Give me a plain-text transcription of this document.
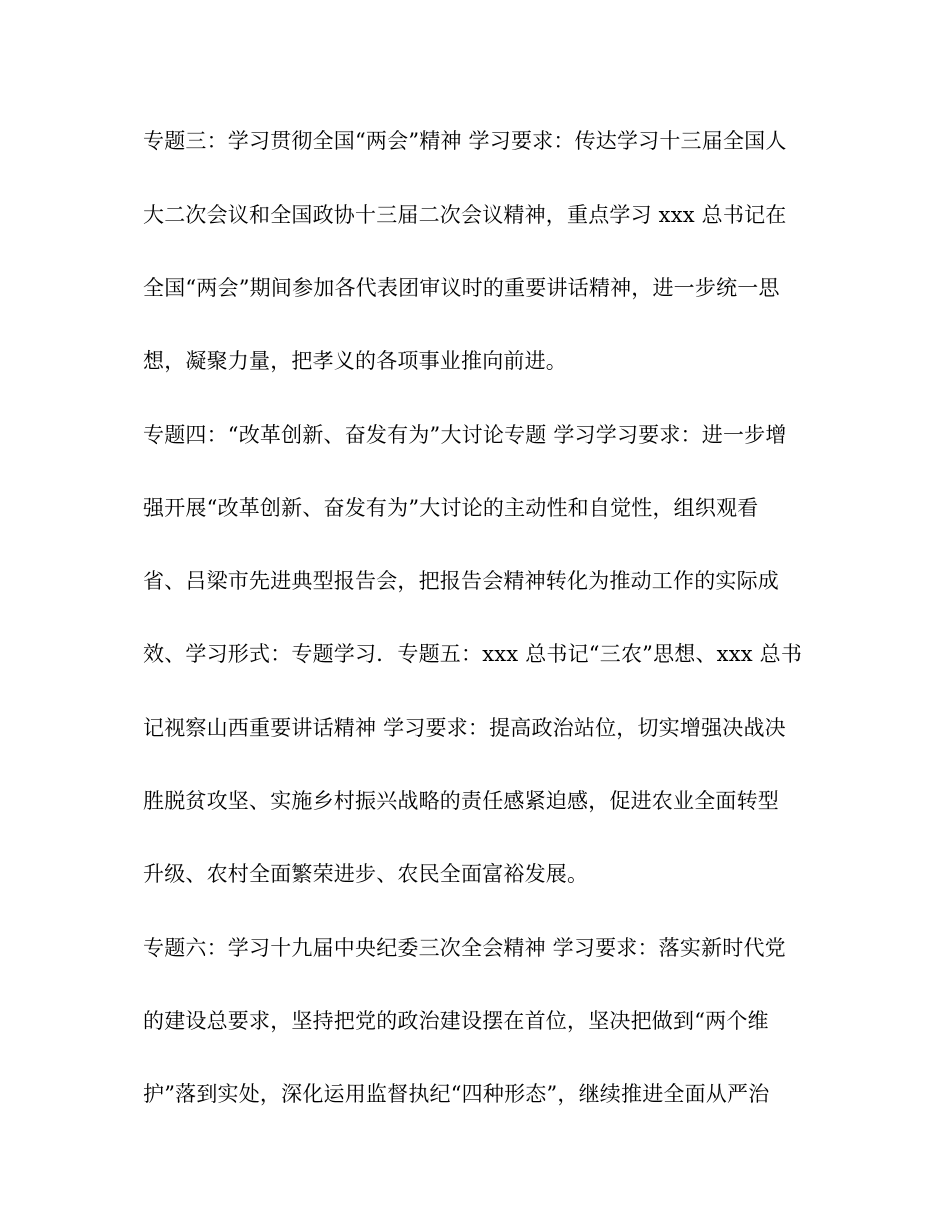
专题三：学习贯彻全国“两会”精神 学习要求：传达学习十三届全国人
大二次会议和全国政协十三届二次会议精神，重点学习 xxx 总书记在
全国“两会”期间参加各代表团审议时的重要讲话精神，进一步统一思
想，凝聚力量，把孝义的各项事业推向前进。
专题四：“改革创新、奋发有为”大讨论专题 学习学习要求：进一步增
强开展“改革创新、奋发有为”大讨论的主动性和自觉性，组织观看
省、吕梁市先进典型报告会，把报告会精神转化为推动工作的实际成
效、学习形式：专题学习．专题五：xxx 总书记“三农”思想、xxx 总书
记视察山西重要讲话精神 学习要求：提高政治站位，切实增强决战决
胜脱贫攻坚、实施乡村振兴战略的责任感紧迫感，促进农业全面转型
升级、农村全面繁荣进步、农民全面富裕发展。
专题六：学习十九届中央纪委三次全会精神 学习要求：落实新时代党
的建设总要求，坚持把党的政治建设摆在首位，坚决把做到“两个维
护”落到实处，深化运用监督执纪“四种形态”，继续推进全面从严治
